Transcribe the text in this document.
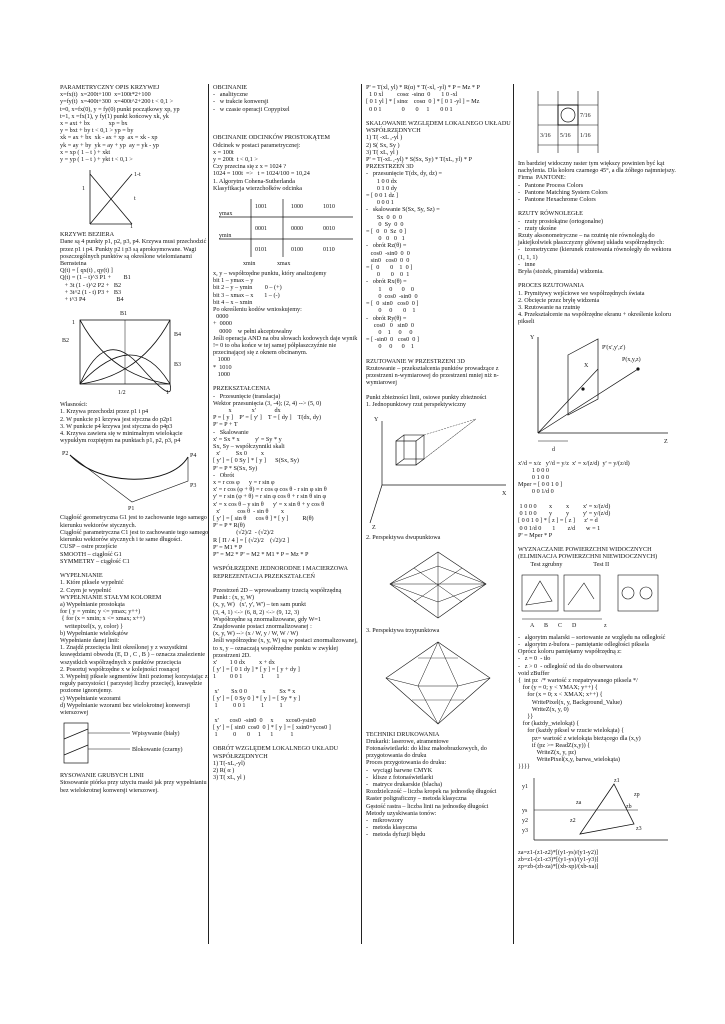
PARAMETRYCZNY OPIS KRZYWEJ
x=fx(t)  x=200t+100  x=100t*2+100
y=fy(t)  x=400t+300  x=400t^2+200 t < 0,1 >
t=0, x=fx(0), y = fy(0) punkt początkowy xp, yp
t=1, x =fx(1), y fy(1) punkt końcowy xk, yk
x = axt + bx            xp = bx
y = bxt + by t < 0,1 > yp = by
xk = ax + bx  xk - ax + xp  ax = xk - xp
yk = ay + by  yk = ay + yp  ay = yk - yp
x = xp ( 1 – t ) + xkt
y = yp ( 1 – t ) + ykt t < 0,1 >

1-t
t
1
1

KRZYWE BEZIERA
Dane są 4 punkty p1, p2, p3, p4. Krzywa musi przechodzić przez p1 i p4. Punkty p2 i p3 są aproksymowane. Wagi poszczególnych punktów są określone wielomianami Bernsteina
Q(t) = [ qx(t) , qy(t) ]
Q(t) = (1 – t)^3 P1 +        B1
+ 3t (1 - t)^2 P2 +   B2
+ 3t^2 (1 - t) P3 +   B3
+ t^3 P4                    B4

B1
B2
B3
B4
1
1/2	1

Własności:
1. Krzywa przechodzi przez p1 i p4
2. W punkcie p1 krzywa jest styczna do p2p1
3. W punkcie p4 krzywa jest styczna do p4p3
4. Krzywa zawiera się w minimalnym wielokącie wypukłym rozpiętym na punktach p1, p2, p3, p4

P2
P1
P3
P4

Ciągłość geometryczna G1 jest to zachowanie tego samego kierunku wektorów stycznych.
Ciągłość parametryczna C1 jest to zachowanie tego samego kierunku wektorów stycznych i te same długości.
CUSP – ostre przejście
SMOOTH – ciągłość G1
SYMMETRY – ciągłość C1

WYPEŁNIANIE
1. Które piksele wypełnić
2. Czym je wypełnić
WYPEŁNIANIE STAŁYM KOLOREM
a) Wypełnianie prostokąta
for ( y = ymin; y <= ymax; y++)
{ for (x = xmin; x <= xmax; x++)
writepixel(x, y, color) }
b) Wypełnianie wielokątów
Wypełnianie danej linii:
1. Znajdź przecięcia linii określonej y z wszystkimi krawędziami obwodu (E, D , C , B ) – oznacza znalezienie wszystkich współrzędnych x punktów przecięcia
2. Posortuj współrzędne x w kolejności rosnącej
3. Wypełnij piksele segmentów linii poziomej korzystając z reguły parzystości ( parzystej liczby przecięć), krawędzie poziome ignorujemy.
c) Wypełnianie wzorami
d) Wypełnianie wzorami bez wielokrotnej konwersji wierszowej

Wpisywanie (biały)
Blokowanie (czarny)

RYSOWANIE GRUBYCH LINII
Stosowanie piórka przy użyciu maski jak przy wypełnianiu bez wielokrotnej konwersji wierszowej.

OBCINANIE
-   analityczne
-   w trakcie konwersji
-   w czasie operacji Copypixel

OBCINANIE ODCINKÓW PROSTOKĄTEM
Odcinek w postaci parametrycznej:
x = 100t
y = 200t  t < 0,1 >
Czy przecina się z x = 1024 ?
1024 = 100t  =>   t = 1024/100 = 10,24
1. Algorytm Cohena-Sutherlanda
Klasyfikacja wierzchołków odcinka

1001	1000	1010
0001	0000	0010
0101	0100	0110
ymax
ymin
xmin	xmax

x, y – współrzędne punktu, który analizujemy
bit 1 – ymax – y
bit 2 – y – ymin        0 – (+)
bit 3 – xmax – x       1 – (-)
bit 4 – x – xmin
Po określeniu kodów wnioskujemy:
0000
+  0000
0000    w pełni akceptowalny
Jeśli operacja AND na obu słowach kodowych daje wynik != 0 to oba końce w tej samej półpłaszczyźnie nie przecinającej się z oknem obcinanym.
1000
*  1010
1000

PRZEKSZTAŁCENIA
-   Przesunięcie (translacja)
Wektor przesunięcia (3, -4); (2, 4) --> (5, 0)
x             x'            dx
P = [ y ]    P' = [ y' ]    T = [ dy ]    T(dx, dy)
P' = P + T
-   Skalowanie
x' = Sx * x          y' = Sy * y
Sx, Sy – współczynniki skali
x'          Sx 0         x
[ y' ] = [ 0 Sy ] * [ y ]      S(Sx, Sy)
P' = P * S(Sx, Sy)
-   Obrót
x = r cos φ      y = r sin φ
x' = r cos (φ + θ) = r cos φ cos θ - r sin φ sin θ
y' = r sin (φ + θ) = r sin φ cos θ + r sin θ sin φ
x' = x cos θ – y sin θ      y' = x sin θ + y cos θ
x'           cos θ  - sin θ        x
[ y' ] = [ sin θ      cos θ ] * [ y ]         R(θ)
P' = P * R(θ)
(√2)/2  - (√2)/2
R [ Π / 4 ] = [ (√2)/2    (√2)/2 ]
P' = M1 * P
P'' = M2 * P' = M2 * M1 * P = Mz * P

WSPÓŁRZĘDNE JEDNORODNE I MACIERZOWA REPREZENTACJA PRZEKSZTAŁCEŃ

Przestrzeń 2D – wprowadzamy trzecią współrzędną
Punkt : (x, y, W)
(x, y, W)   (x', y', W') – ten sam punkt
(3, 4, 1) <-> (6, 8, 2) <-> (9, 12, 3)
Współrzędne są znormalizowane, gdy W=1
Znajdowanie postaci znormalizowanej :
(x, y, W) --> (x / W, y / W, W / W)
Jeśli współrzędne (x, y, W) są w postaci znormalizowanej, to x, y – oznaczają współrzędne punktu w zwykłej przestrzeni 2D.
x'        1 0 dx         x + dx
[ y' ] = [ 0 1 dy ] * [ y ] = [ y + dy ]
1         0 0 1            1        1

x'        Sx 0 0          x         Sx * x
[ y' ] = [ 0 Sy 0 ] * [ y ] = [ Sy * y ]
1          0 0 1          1          1

x'       cos0  -sin0  0     x        xcos0-ysin0
[ y' ] = [ sin0  cos0  0 ] * [ y ] = [ xsin0+ycos0 ]
1          0       0     1      1           1

OBRÓT WZGLĘDEM LOKALNEGO UKŁADU WSPÓŁRZĘDNYCH
1) T(-xL,-yl)
2) R( α )
3) T( xL, yl )

P' = T(xl, yl) * R(α) * T(-xl, -yl) * P = Mz * P
1 0 xl         cosα  -sinα  0       1 0 -xl
[ 0 1 yl ] * [ sinα    cosα  0 ] * [ 0 1 -yl ] = Mz
0 0 1             0       0     1       0 0 1

SKALOWANIE WZGLĘDEM LOKALNEGO UKŁADU WSPÓŁRZĘDNYCH
1) T( -xL ,-yl )
2) S( Sx, Sy )
3) T( xL, yl )
P' = T(-xL ,-yl) * S(Sx, Sy) * T(xL, yl) * P
PRZESTRZEŃ 3D
-   przesunięcie T(dx, dy, dz) =
1 0 0 dx
0 1 0 dy
= [ 0 0 1 dz ]
0 0 0 1
-   skalowanie S(Sx, Sy, Sz) =
Sx  0  0  0
0  Sy  0  0
= [  0   0  Sz  0 ]
0   0   0   1
-   obrót Rz(θ) =
cos0  -sin0  0  0
sin0   cos0  0  0
= [  0       0    1  0 ]
0       0    0  1
-   obrót Rx(θ) =
1     0      0    0
0  cos0  -sin0  0
= [  0  sin0   cos0  0 ]
0     0       0    1
-   obrót Ry(θ) =
cos0   0   sin0  0
0    1     0     0
= [ -sin0  0   cos0  0 ]
0     0      0    1

RZUTOWANIE W PRZESTRZENI 3D
Rzutowanie – przekształcenia punktów prowadzące z przestrzeni n-wymiarowej do przestrzeni mniej niż n-wymiarowej

Punkt zbieżności linii, osiowe punkty zbieżności
1. Jednopunktowy rzut perspektywiczny

Y
X
Z

2. Perspektywa dwupunktowa

3. Perspektywa trzypunktowa

TECHNIKI DRUKOWANIA
Drukarki: laserowe, atramentowe
Fotonaświetlarki: do klisz małoobrazkowych, do przygotowania do druku
Proces przygotowania do druku:
-   wyciągi barwne CMYK
-   klisze z fotonaświetlarki
-   matryce drukarskie (blacha)
Rozdzielczość – liczba kropek na jednostkę długości
Raster poligraficzny – metoda klasyczna
Gęstość rastra – liczba linii na jednostkę długości
Metody uzyskiwania tonów:
-   mikrowzory
-   metoda klasyczna
-   metoda dyfuzji błędu

7/16
3/16 5/16 1/16

Im bardziej widoczny raster tym większy powinien być kąt nachylenia. Dla koloru czarnego 45°, a dla żółtego najmniejszy.
Firma  PANTONE:
-   Pantone Process Colors
-   Pantone Matching System Colors
-   Pantone Hexachrome Colors

RZUTY RÓWNOLEGŁE
-   rzuty prostokątne (ortogonalne)
-   rzuty ukośne
Rzuty aksonometryczne – na rzutnię nie równoległą do jakiejkolwiek płaszczyzny głównej układu współrzędnych:
-   izometryczne (kierunek rzutowania równoległy do wektora (1, 1, 1)
-   inne
Bryła (stożek, piramida) widzenia.

PROCES RZUTOWANIA
1. Prymitywy wejściowe we współrzędnych świata
2. Obcięcie przez bryłę widzenia
3. Rzutowanie na rzutnię
4. Przekształcenie na współrzędne ekranu + określenie koloru pikseli

Y
X
Z
P'(x',y',z')
P(x,y,z)
d

x'/d = x/z   y'/d = y/z  x' = x/(z/d)  y' = y/(z/d)
1 0 0 0
0 1 0 0
Mper = [ 0 0 1 0 ]
0 0 1/d 0

1 0 0 0        x         x         x' = x/(z/d)
0 1 0 0        y         y         y' = y/(z/d)
[ 0 0 1 0 ] * [ z ] = [ z ]      z' = d
0 0 1/d 0       1        z/d       w = 1
P' = Mper * P

WYZNACZANIE POWIERZCHNI WIDOCZNYCH (ELIMINACJA POWIERZCHNI NIEWIDOCZNYCH)
Test zgrubny                    Test II

A B C D	z

-   algorytm malarski – sortowanie ze względu na odległość
-   algorytm z-bufora – pamiętanie odległości piksela
Oprócz koloru pamiętamy współrzędną z:
-   z = 0  - tło
-   z > 0  - odległość od tła do obserwatora
void zBuffer
{  int pz  /* wartość z rozpatrywanego piksela */
for (y = 0; y < YMAX; y++) {
for (x = 0; x < XMAX; x++) {
WritePixel(x, y, Background_Value)
WriteZ(x, y, 0)
}}
for (każdy_wielokąt) {
for (każdy piksel w rzucie wielokąta) {
pz= wartość z wielokąta bieżącego dla (x,y)
if (pz >= ReadZ(x,y)) {
WriteZ(x, y, pz)
WritePixel(x,y, barwa_wielokąta)
}}}}

z1
zp
zb
za
z2
z3
y1
ys
y2
y3

za=z1-(z1-z2)*[(y1-ys)/(y1-y2)]
zb=z1-(z1-z3)*[(y1-ys)/(y1-y3)]
zp=zb-(zb-za)*[(xb-xp)/(xb-xa)]
